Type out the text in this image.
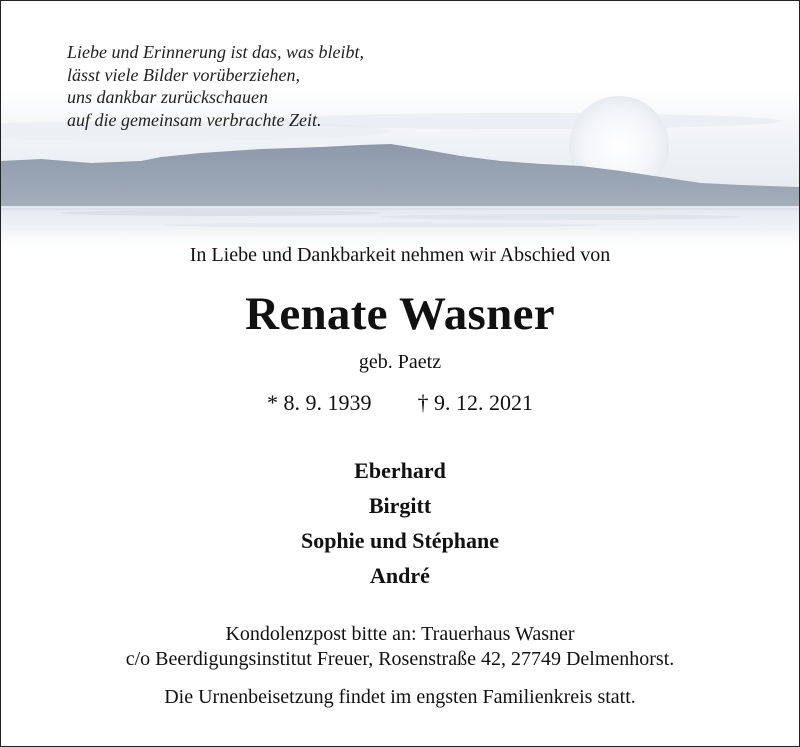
Liebe und Erinnerung ist das, was bleibt,
lässt viele Bilder vorüberziehen,
uns dankbar zurückschauen
auf die gemeinsam verbrachte Zeit.
In Liebe und Dankbarkeit nehmen wir Abschied von
Renate Wasner
geb. Paetz
* 8. 9. 1939 † 9. 12. 2021
Eberhard
Birgitt
Sophie und Stéphane
André
Kondolenzpost bitte an: Trauerhaus Wasner
c/o Beerdigungsinstitut Freuer, Rosenstraße 42, 27749 Delmenhorst.
Die Urnenbeisetzung findet im engsten Familienkreis statt.
